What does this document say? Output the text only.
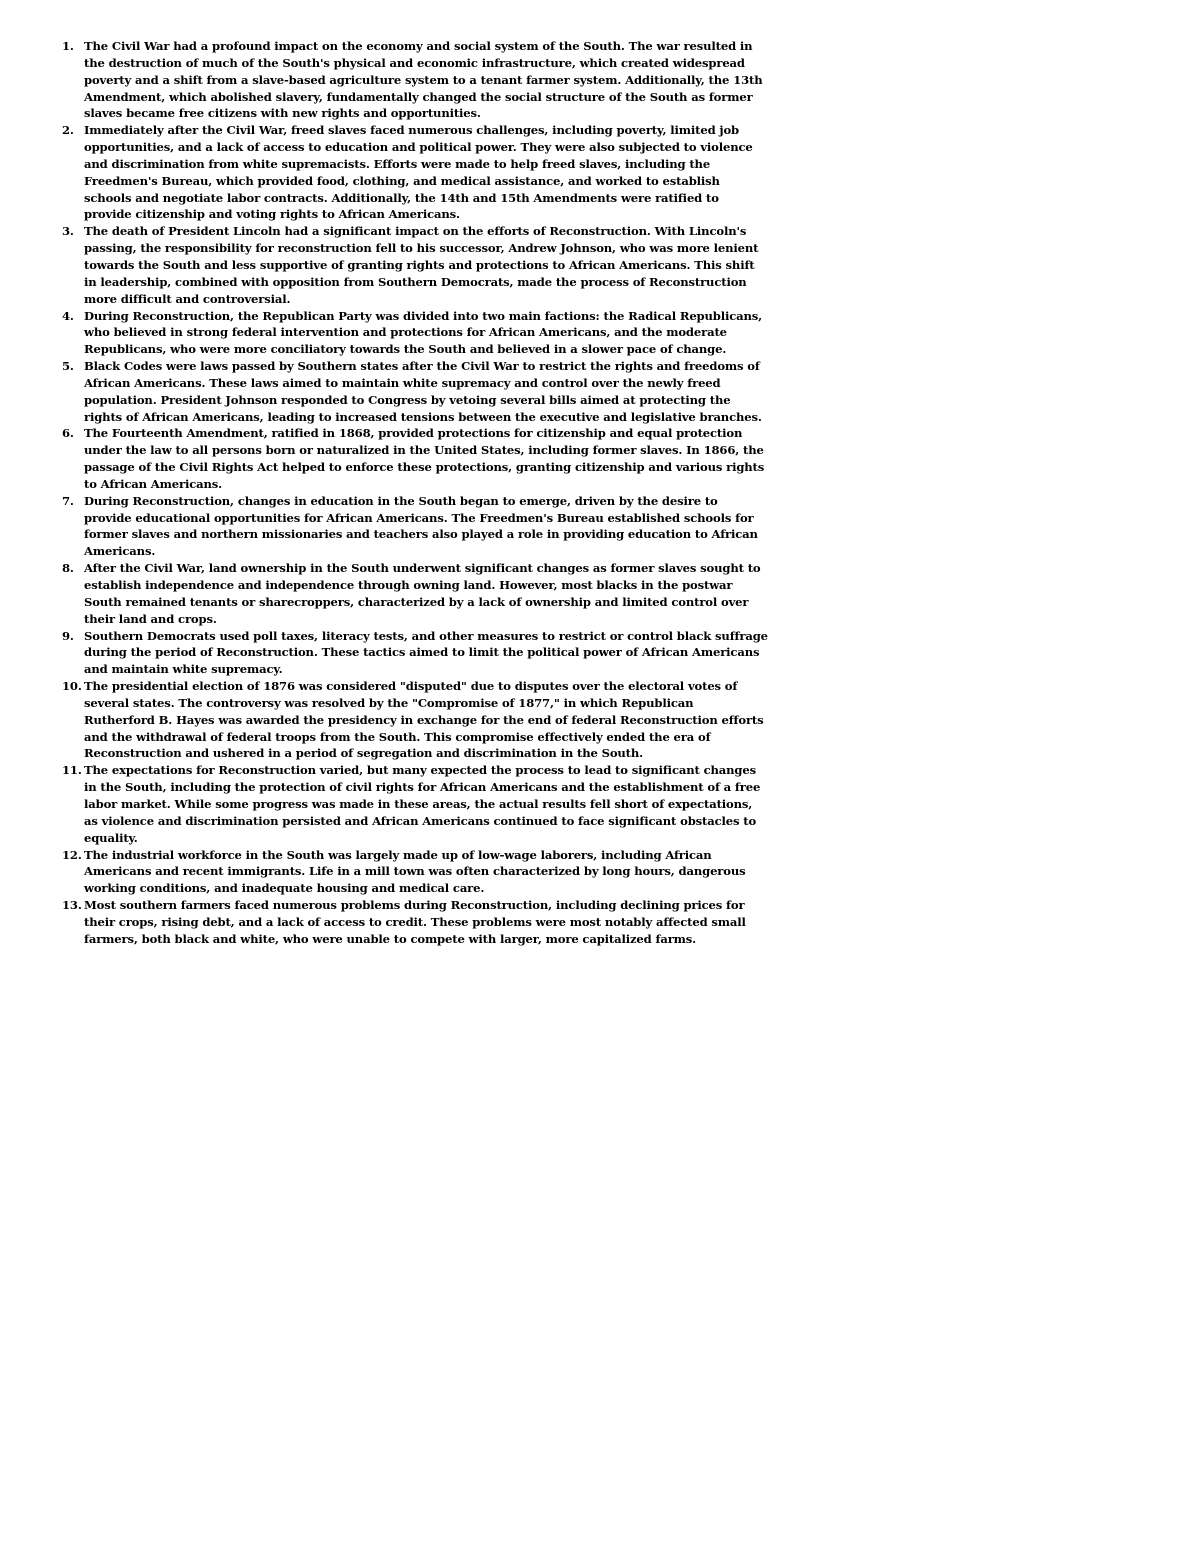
1. The Civil War had a profound impact on the economy and social system of the South. The war resulted in the destruction of much of the South's physical and economic infrastructure, which created widespread poverty and a shift from a slave-based agriculture system to a tenant farmer system. Additionally, the 13th Amendment, which abolished slavery, fundamentally changed the social structure of the South as former slaves became free citizens with new rights and opportunities.
2. Immediately after the Civil War, freed slaves faced numerous challenges, including poverty, limited job opportunities, and a lack of access to education and political power. They were also subjected to violence and discrimination from white supremacists. Efforts were made to help freed slaves, including the Freedmen's Bureau, which provided food, clothing, and medical assistance, and worked to establish schools and negotiate labor contracts. Additionally, the 14th and 15th Amendments were ratified to provide citizenship and voting rights to African Americans.
3. The death of President Lincoln had a significant impact on the efforts of Reconstruction. With Lincoln's passing, the responsibility for reconstruction fell to his successor, Andrew Johnson, who was more lenient towards the South and less supportive of granting rights and protections to African Americans. This shift in leadership, combined with opposition from Southern Democrats, made the process of Reconstruction more difficult and controversial.
4. During Reconstruction, the Republican Party was divided into two main factions: the Radical Republicans, who believed in strong federal intervention and protections for African Americans, and the moderate Republicans, who were more conciliatory towards the South and believed in a slower pace of change.
5. Black Codes were laws passed by Southern states after the Civil War to restrict the rights and freedoms of African Americans. These laws aimed to maintain white supremacy and control over the newly freed population. President Johnson responded to Congress by vetoing several bills aimed at protecting the rights of African Americans, leading to increased tensions between the executive and legislative branches.
6. The Fourteenth Amendment, ratified in 1868, provided protections for citizenship and equal protection under the law to all persons born or naturalized in the United States, including former slaves. In 1866, the passage of the Civil Rights Act helped to enforce these protections, granting citizenship and various rights to African Americans.
7. During Reconstruction, changes in education in the South began to emerge, driven by the desire to provide educational opportunities for African Americans. The Freedmen's Bureau established schools for former slaves and northern missionaries and teachers also played a role in providing education to African Americans.
8. After the Civil War, land ownership in the South underwent significant changes as former slaves sought to establish independence and independence through owning land. However, most blacks in the postwar South remained tenants or sharecroppers, characterized by a lack of ownership and limited control over their land and crops.
9. Southern Democrats used poll taxes, literacy tests, and other measures to restrict or control black suffrage during the period of Reconstruction. These tactics aimed to limit the political power of African Americans and maintain white supremacy.
10. The presidential election of 1876 was considered "disputed" due to disputes over the electoral votes of several states. The controversy was resolved by the "Compromise of 1877," in which Republican Rutherford B. Hayes was awarded the presidency in exchange for the end of federal Reconstruction efforts and the withdrawal of federal troops from the South. This compromise effectively ended the era of Reconstruction and ushered in a period of segregation and discrimination in the South.
11. The expectations for Reconstruction varied, but many expected the process to lead to significant changes in the South, including the protection of civil rights for African Americans and the establishment of a free labor market. While some progress was made in these areas, the actual results fell short of expectations, as violence and discrimination persisted and African Americans continued to face significant obstacles to equality.
12. The industrial workforce in the South was largely made up of low-wage laborers, including African Americans and recent immigrants. Life in a mill town was often characterized by long hours, dangerous working conditions, and inadequate housing and medical care.
13. Most southern farmers faced numerous problems during Reconstruction, including declining prices for their crops, rising debt, and a lack of access to credit. These problems were most notably affected small farmers, both black and white, who were unable to compete with larger, more capitalized farms.
